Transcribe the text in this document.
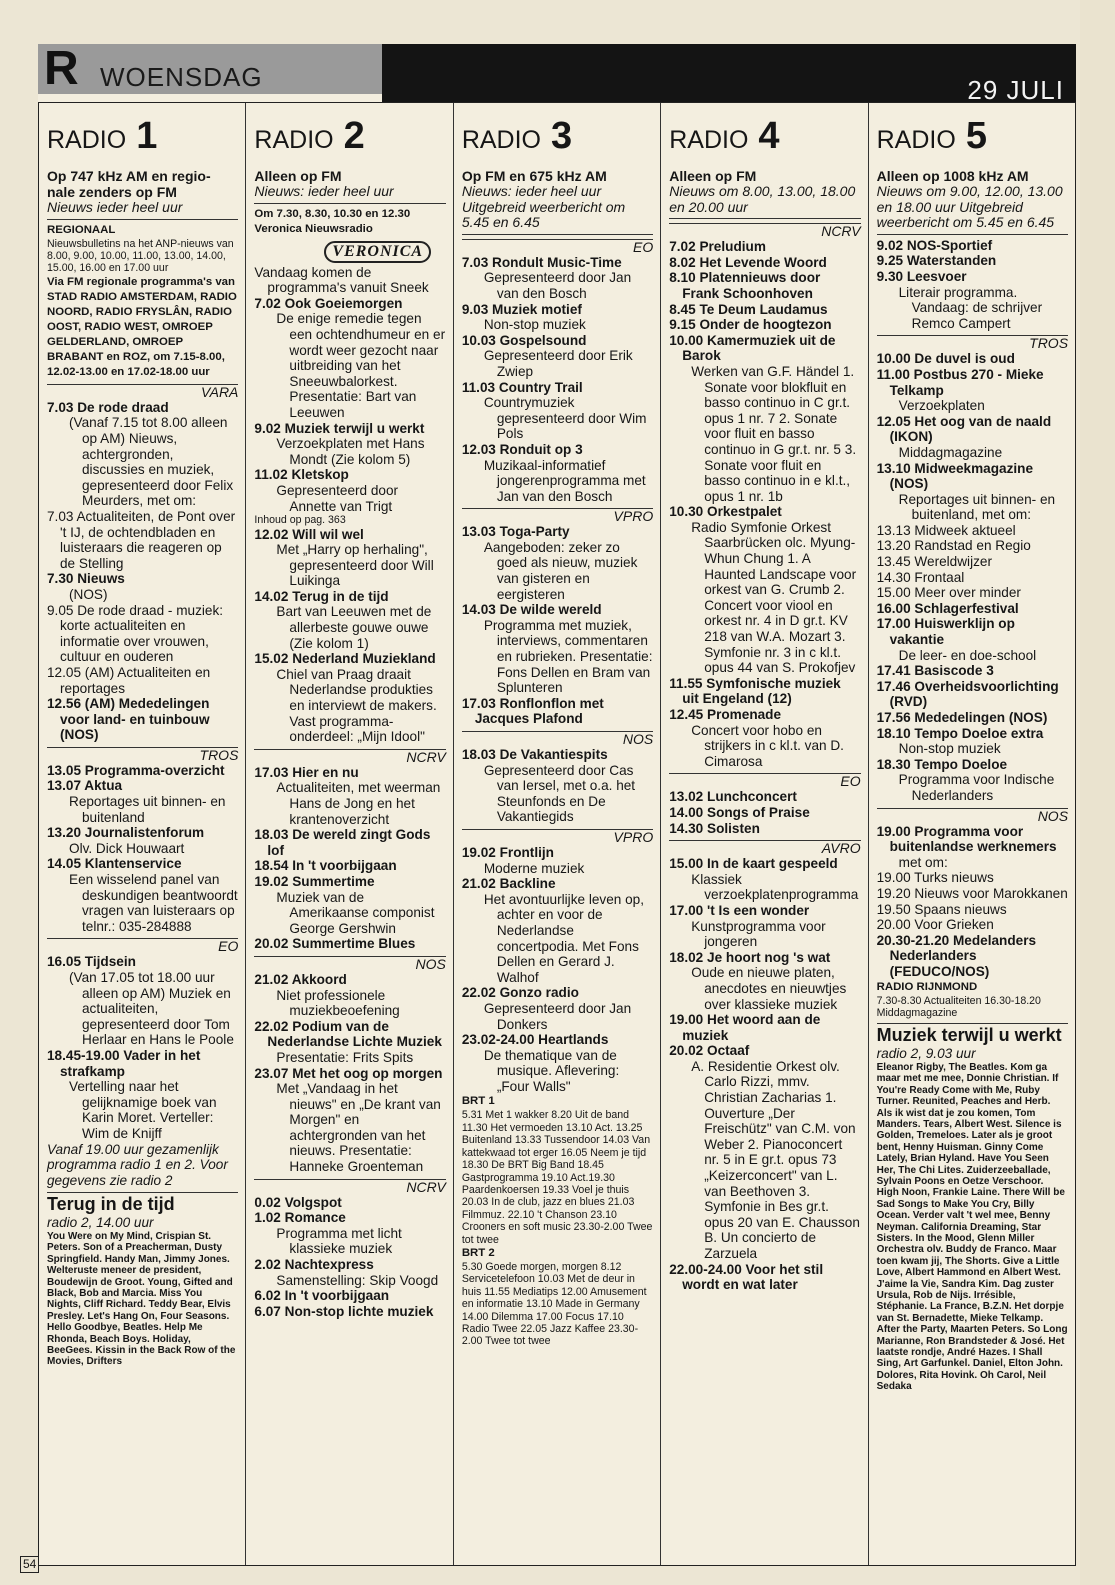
R WOENSDAG	29 JULI
RADIO 1
Op 747 kHz AM en regio-nale zenders op FM
Nieuws ieder heel uur
REGIONAAL
Nieuwsbulletins na het ANP-nieuws van 8.00, 9.00, 10.00, 11.00, 13.00, 14.00, 15.00, 16.00 en 17.00 uur
Via FM regionale programma's van STAD RADIO AMSTERDAM, RADIO NOORD, RADIO FRYSLÂN, RADIO OOST, RADIO WEST, OMROEP GELDERLAND, OMROEP BRABANT en ROZ, om 7.15-8.00, 12.02-13.00 en 17.02-18.00 uur
VARA
7.03 De rode draad
(Vanaf 7.15 tot 8.00 alleen op AM) Nieuws, achtergronden, discussies en muziek, gepresenteerd door Felix Meurders, met om:
7.03 Actualiteiten, de Pont over 't IJ, de ochtendbladen en luisteraars die reageren op de Stelling
7.30 Nieuws
(NOS)
9.05 De rode draad - muziek: korte actualiteiten en informatie over vrouwen, cultuur en ouderen
12.05 (AM) Actualiteiten en reportages
12.56 (AM) Mededelingen voor land- en tuinbouw (NOS)
TROS
13.05 Programma-overzicht
13.07 Aktua
Reportages uit binnen- en buitenland
13.20 Journalistenforum
Olv. Dick Houwaart
14.05 Klantenservice
Een wisselend panel van deskundigen beantwoordt vragen van luisteraars op telnr.: 035-284888
EO
16.05 Tijdsein
(Van 17.05 tot 18.00 uur alleen op AM) Muziek en actualiteiten, gepresenteerd door Tom Herlaar en Hans le Poole
18.45-19.00 Vader in het strafkamp
Vertelling naar het gelijknamige boek van Karin Moret. Verteller: Wim de Knijff
Vanaf 19.00 uur gezamenlijk programma radio 1 en 2. Voor gegevens zie radio 2
Terug in de tijd
radio 2, 14.00 uur
You Were on My Mind, Crispian St. Peters. Son of a Preacherman, Dusty Springfield. Handy Man, Jimmy Jones. Welteruste meneer de president, Boudewijn de Groot. Young, Gifted and Black, Bob and Marcia. Miss You Nights, Cliff Richard. Teddy Bear, Elvis Presley. Let's Hang On, Four Seasons. Hello Goodbye, Beatles. Help Me Rhonda, Beach Boys. Holiday, BeeGees. Kissin in the Back Row of the Movies, Drifters
RADIO 2
Alleen op FM
Nieuws: ieder heel uur
Om 7.30, 8.30, 10.30 en 12.30 Veronica Nieuwsradio
VERONICA
Vandaag komen de programma's vanuit Sneek
7.02 Ook Goeiemorgen
De enige remedie tegen een ochtendhumeur en er wordt weer gezocht naar uitbreiding van het Sneeuwbalorkest. Presentatie: Bart van Leeuwen
9.02 Muziek terwijl u werkt
Verzoekplaten met Hans Mondt (Zie kolom 5)
11.02 Kletskop
Gepresenteerd door Annette van Trigt
Inhoud op pag. 363
12.02 Will wil wel
Met „Harry op herhaling", gepresenteerd door Will Luikinga
14.02 Terug in de tijd
Bart van Leeuwen met de allerbeste gouwe ouwe (Zie kolom 1)
15.02 Nederland Muziekland
Chiel van Praag draait Nederlandse produkties en interviewt de makers. Vast programma-onderdeel: „Mijn Idool"
NCRV
17.03 Hier en nu
Actualiteiten, met weerman Hans de Jong en het krantenoverzicht
18.03 De wereld zingt Gods lof
18.54 In 't voorbijgaan
19.02 Summertime
Muziek van de Amerikaanse componist George Gershwin
20.02 Summertime Blues
NOS
21.02 Akkoord
Niet professionele muziekbeoefening
22.02 Podium van de Nederlandse Lichte Muziek
Presentatie: Frits Spits
23.07 Met het oog op morgen
Met „Vandaag in het nieuws" en „De krant van Morgen" en achtergronden van het nieuws. Presentatie: Hanneke Groenteman
NCRV
0.02 Volgspot
1.02 Romance
Programma met licht klassieke muziek
2.02 Nachtexpress
Samenstelling: Skip Voogd
6.02 In 't voorbijgaan
6.07 Non-stop lichte muziek
RADIO 3
Op FM en 675 kHz AM
Nieuws: ieder heel uur Uitgebreid weerbericht om 5.45 en 6.45
EO
7.03 Rondult Music-Time
Gepresenteerd door Jan van den Bosch
9.03 Muziek motief
Non-stop muziek
10.03 Gospelsound
Gepresenteerd door Erik Zwiep
11.03 Country Trail
Countrymuziek gepresenteerd door Wim Pols
12.03 Ronduit op 3
Muzikaal-informatief jongerenprogramma met Jan van den Bosch
VPRO
13.03 Toga-Party
Aangeboden: zeker zo goed als nieuw, muziek van gisteren en eergisteren
14.03 De wilde wereld
Programma met muziek, interviews, commentaren en rubrieken. Presentatie: Fons Dellen en Bram van Splunteren
17.03 Ronflonflon met Jacques Plafond
NOS
18.03 De Vakantiespits
Gepresenteerd door Cas van Iersel, met o.a. het Steunfonds en De Vakantiegids
VPRO
19.02 Frontlijn
Moderne muziek
21.02 Backline
Het avontuurlijke leven op, achter en voor de Nederlandse concertpodia. Met Fons Dellen en Gerard J. Walhof
22.02 Gonzo radio
Gepresenteerd door Jan Donkers
23.02-24.00 Heartlands
De thematique van de musique. Aflevering: „Four Walls"
BRT 1
5.31 Met 1 wakker 8.20 Uit de band 11.30 Het vermoeden 13.10 Act. 13.25 Buitenland 13.33 Tussendoor 14.03 Van kattekwaad tot erger 16.05 Neem je tijd 18.30 De BRT Big Band 18.45 Gastprogramma 19.10 Act.19.30 Paardenkoersen 19.33 Voel je thuis 20.03 In de club, jazz en blues 21.03 Filmmuz. 22.10 't Chanson 23.10 Crooners en soft music 23.30-2.00 Twee tot twee
BRT 2
5.30 Goede morgen, morgen 8.12 Servicetelefoon 10.03 Met de deur in huis 11.55 Mediatips 12.00 Amusement en informatie 13.10 Made in Germany 14.00 Dilemma 17.00 Focus 17.10 Radio Twee 22.05 Jazz Kaffee 23.30-2.00 Twee tot twee
RADIO 4
Alleen op FM
Nieuws om 8.00, 13.00, 18.00 en 20.00 uur
NCRV
7.02 Preludium
8.02 Het Levende Woord
8.10 Platennieuws door Frank Schoonhoven
8.45 Te Deum Laudamus
9.15 Onder de hoogtezon
10.00 Kamermuziek uit de Barok
Werken van G.F. Händel 1. Sonate voor blokfluit en basso continuo in C gr.t. opus 1 nr. 7 2. Sonate voor fluit en basso continuo in G gr.t. nr. 5 3. Sonate voor fluit en basso continuo in e kl.t., opus 1 nr. 1b
10.30 Orkestpalet
Radio Symfonie Orkest Saarbrücken olc. Myung-Whun Chung 1. A Haunted Landscape voor orkest van G. Crumb 2. Concert voor viool en orkest nr. 4 in D gr.t. KV 218 van W.A. Mozart 3. Symfonie nr. 3 in c kl.t. opus 44 van S. Prokofjev
11.55 Symfonische muziek uit Engeland (12)
12.45 Promenade
Concert voor hobo en strijkers in c kl.t. van D. Cimarosa
EO
13.02 Lunchconcert
14.00 Songs of Praise
14.30 Solisten
AVRO
15.00 In de kaart gespeeld
Klassiek verzoekplatenprogramma
17.00 't Is een wonder
Kunstprogramma voor jongeren
18.02 Je hoort nog 's wat
Oude en nieuwe platen, anecdotes en nieuwtjes over klassieke muziek
19.00 Het woord aan de muziek
20.02 Octaaf
A. Residentie Orkest olv. Carlo Rizzi, mmv. Christian Zacharias 1. Ouverture „Der Freischütz" van C.M. von Weber 2. Pianoconcert nr. 5 in E gr.t. opus 73 „Keizerconcert" van L. van Beethoven 3. Symfonie in Bes gr.t. opus 20 van E. Chausson B. Un concierto de Zarzuela
22.00-24.00 Voor het stil wordt en wat later
RADIO 5
Alleen op 1008 kHz AM
Nieuws om 9.00, 12.00, 13.00 en 18.00 uur Uitgebreid weerbericht om 5.45 en 6.45
9.02 NOS-Sportief
9.25 Waterstanden
9.30 Leesvoer
Literair programma. Vandaag: de schrijver Remco Campert
TROS
10.00 De duvel is oud
11.00 Postbus 270 - Mieke Telkamp
Verzoekplaten
12.05 Het oog van de naald (IKON)
Middagmagazine
13.10 Midweekmagazine (NOS)
Reportages uit binnen- en buitenland, met om:
13.13 Midweek aktueel
13.20 Randstad en Regio
13.45 Wereldwijzer
14.30 Frontaal
15.00 Meer over minder
16.00 Schlagerfestival
17.00 Huiswerklijn op vakantie
De leer- en doe-school
17.41 Basiscode 3
17.46 Overheidsvoorlichting (RVD)
17.56 Mededelingen (NOS)
18.10 Tempo Doeloe extra
Non-stop muziek
18.30 Tempo Doeloe
Programma voor Indische Nederlanders
NOS
19.00 Programma voor buitenlandse werknemers
met om:
19.00 Turks nieuws
19.20 Nieuws voor Marokkanen
19.50 Spaans nieuws
20.00 Voor Grieken
20.30-21.20 Medelanders Nederlanders (FEDUCO/NOS)
RADIO RIJNMOND
7.30-8.30 Actualiteiten 16.30-18.20 Middagmagazine
Muziek terwijl u werkt
radio 2, 9.03 uur
Eleanor Rigby, The Beatles. Kom ga maar met me mee, Donnie Christian. If You're Ready Come with Me, Ruby Turner. Reunited, Peaches and Herb. Als ik wist dat je zou komen, Tom Manders. Tears, Albert West. Silence is Golden, Tremeloes. Later als je groot bent, Henny Huisman. Ginny Come Lately, Brian Hyland. Have You Seen Her, The Chi Lites. Zuiderzeeballade, Sylvain Poons en Oetze Verschoor. High Noon, Frankie Laine. There Will be Sad Songs to Make You Cry, Billy Ocean. Verder valt 't wel mee, Benny Neyman. California Dreaming, Star Sisters. In the Mood, Glenn Miller Orchestra olv. Buddy de Franco. Maar toen kwam jij, The Shorts. Give a Little Love, Albert Hammond en Albert West. J'aime la Vie, Sandra Kim. Dag zuster Ursula, Rob de Nijs. Irrésible, Stéphanie. La France, B.Z.N. Het dorpje van St. Bernadette, Mieke Telkamp. After the Party, Maarten Peters. So Long Marianne, Ron Brandsteder & José. Het laatste rondje, André Hazes. I Shall Sing, Art Garfunkel. Daniel, Elton John. Dolores, Rita Hovink. Oh Carol, Neil Sedaka
54
